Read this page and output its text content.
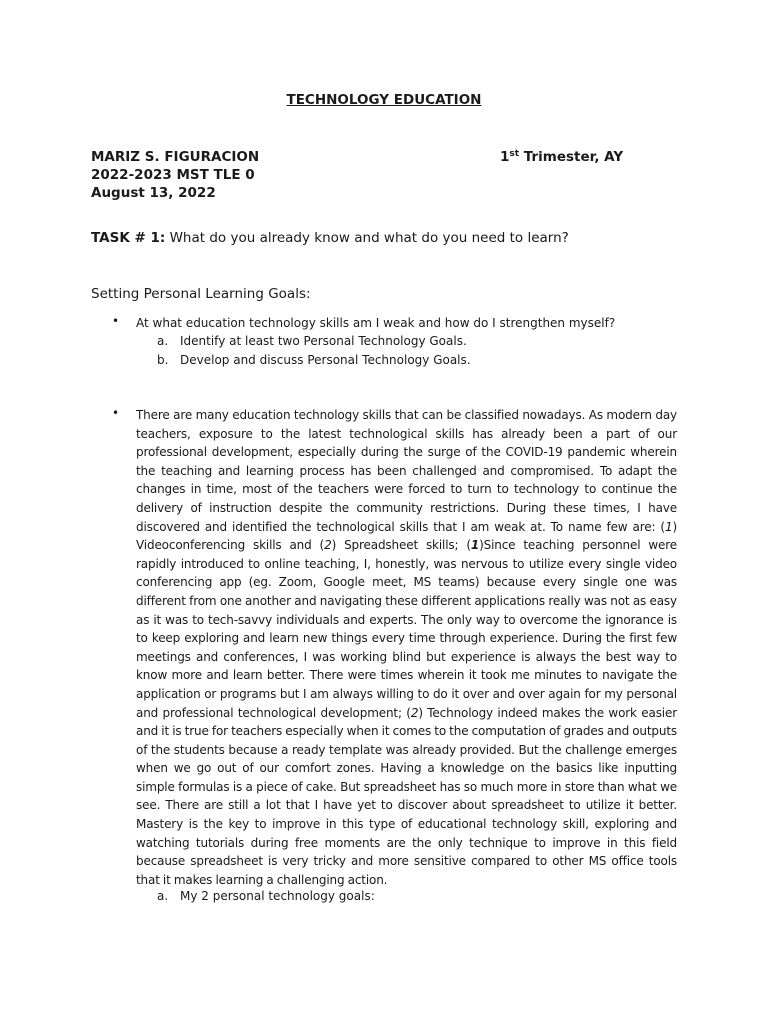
TECHNOLOGY EDUCATION
MARIZ S. FIGURACION	1st Trimester, AY
2022-2023 MST TLE 0
August 13, 2022
TASK # 1: What do you already know and what do you need to learn?
Setting Personal Learning Goals:
• At what education technology skills am I weak and how do I strengthen myself?
a. Identify at least two Personal Technology Goals.
b. Develop and discuss Personal Technology Goals.
• There are many education technology skills that can be classified nowadays. As modern day teachers, exposure to the latest technological skills has already been a part of our professional development, especially during the surge of the COVID-19 pandemic wherein the teaching and learning process has been challenged and compromised. To adapt the changes in time, most of the teachers were forced to turn to technology to continue the delivery of instruction despite the community restrictions. During these times, I have discovered and identified the technological skills that I am weak at. To name few are: (1) Videoconferencing skills and (2) Spreadsheet skills; (1)Since teaching personnel were rapidly introduced to online teaching, I, honestly, was nervous to utilize every single video conferencing app (eg. Zoom, Google meet, MS teams) because every single one was different from one another and navigating these different applications really was not as easy as it was to tech-savvy individuals and experts. The only way to overcome the ignorance is to keep exploring and learn new things every time through experience. During the first few meetings and conferences, I was working blind but experience is always the best way to know more and learn better. There were times wherein it took me minutes to navigate the application or programs but I am always willing to do it over and over again for my personal and professional technological development; (2) Technology indeed makes the work easier and it is true for teachers especially when it comes to the computation of grades and outputs of the students because a ready template was already provided. But the challenge emerges when we go out of our comfort zones. Having a knowledge on the basics like inputting simple formulas is a piece of cake. But spreadsheet has so much more in store than what we see. There are still a lot that I have yet to discover about spreadsheet to utilize it better. Mastery is the key to improve in this type of educational technology skill, exploring and watching tutorials during free moments are the only technique to improve in this field because spreadsheet is very tricky and more sensitive compared to other MS office tools that it makes learning a challenging action.
a. My 2 personal technology goals:
